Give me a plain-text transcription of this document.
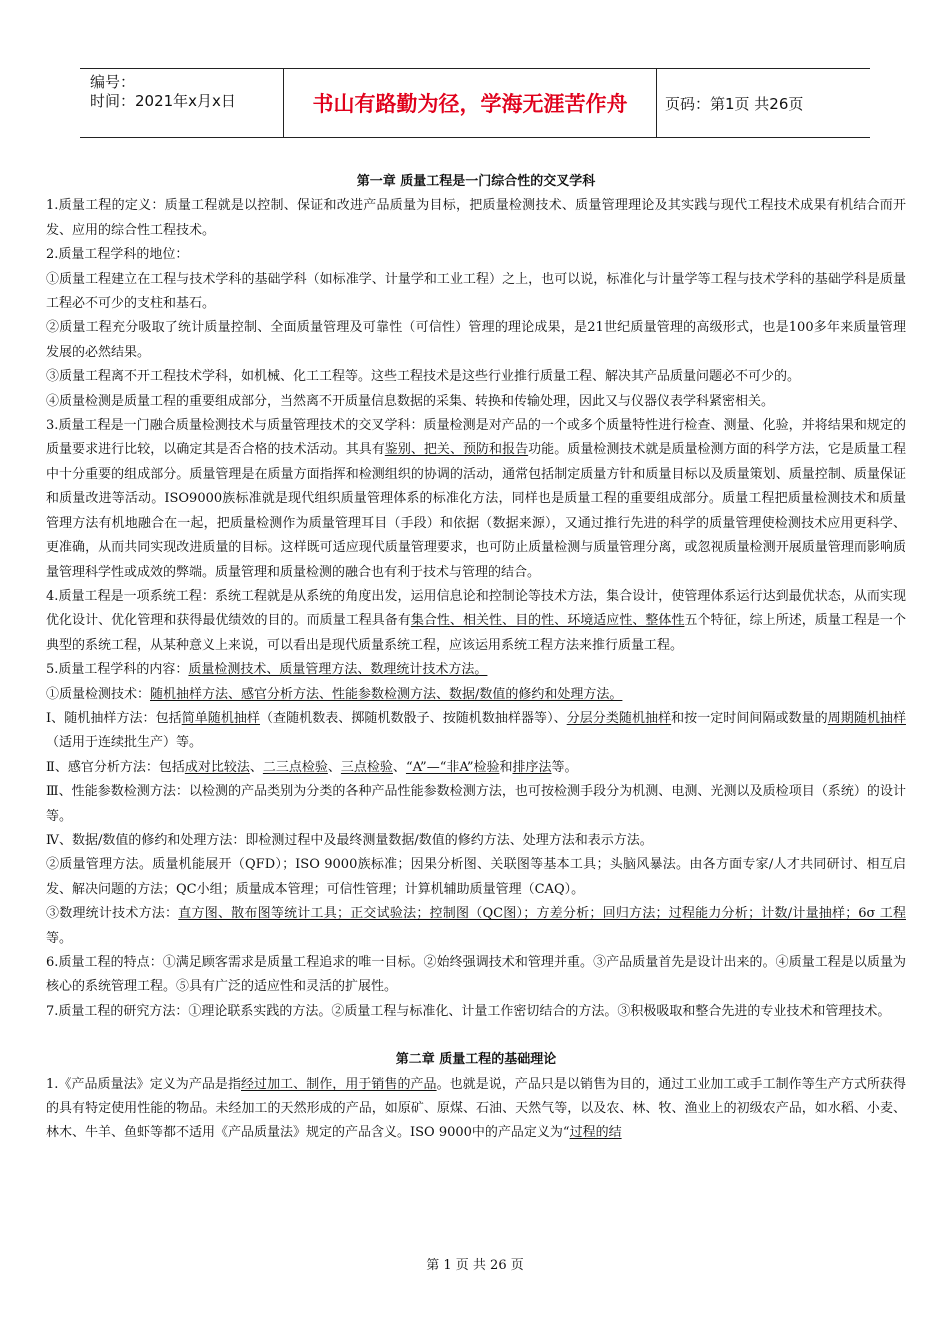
编号：
时间：2021年x月x日	书山有路勤为径，学海无涯苦作舟	页码：第1页 共26页

第一章 质量工程是一门综合性的交叉学科

1.质量工程的定义：质量工程就是以控制、保证和改进产品质量为目标，把质量检测技术、质量管理理论及其实践与现代工程技术成果有机结合而开发、应用的综合性工程技术。

2.质量工程学科的地位：

①质量工程建立在工程与技术学科的基础学科（如标准学、计量学和工业工程）之上，也可以说，标准化与计量学等工程与技术学科的基础学科是质量工程必不可少的支柱和基石。

②质量工程充分吸取了统计质量控制、全面质量管理及可靠性（可信性）管理的理论成果，是21世纪质量管理的高级形式，也是100多年来质量管理发展的必然结果。

③质量工程离不开工程技术学科，如机械、化工工程等。这些工程技术是这些行业推行质量工程、解决其产品质量问题必不可少的。

④质量检测是质量工程的重要组成部分，当然离不开质量信息数据的采集、转换和传输处理，因此又与仪器仪表学科紧密相关。

3.质量工程是一门融合质量检测技术与质量管理技术的交叉学科：质量检测是对产品的一个或多个质量特性进行检查、测量、化验，并将结果和规定的质量要求进行比较，以确定其是否合格的技术活动。其具有鉴别、把关、预防和报告功能。质量检测技术就是质量检测方面的科学方法，它是质量工程中十分重要的组成部分。质量管理是在质量方面指挥和检测组织的协调的活动，通常包括制定质量方针和质量目标以及质量策划、质量控制、质量保证和质量改进等活动。ISO9000族标准就是现代组织质量管理体系的标准化方法，同样也是质量工程的重要组成部分。质量工程把质量检测技术和质量管理方法有机地融合在一起，把质量检测作为质量管理耳目（手段）和依据（数据来源），又通过推行先进的科学的质量管理使检测技术应用更科学、更准确，从而共同实现改进质量的目标。这样既可适应现代质量管理要求，也可防止质量检测与质量管理分离，或忽视质量检测开展质量管理而影响质量管理科学性或成效的弊端。质量管理和质量检测的融合也有利于技术与管理的结合。

4.质量工程是一项系统工程：系统工程就是从系统的角度出发，运用信息论和控制论等技术方法，集合设计，使管理体系运行达到最优状态，从而实现优化设计、优化管理和获得最优绩效的目的。而质量工程具备有集合性、相关性、目的性、环境适应性、整体性五个特征，综上所述，质量工程是一个典型的系统工程，从某种意义上来说，可以看出是现代质量系统工程，应该运用系统工程方法来推行质量工程。

5.质量工程学科的内容：质量检测技术、质量管理方法、数理统计技术方法。

①质量检测技术：随机抽样方法、感官分析方法、性能参数检测方法、数据/数值的修约和处理方法。

Ⅰ、随机抽样方法：包括简单随机抽样（查随机数表、掷随机数骰子、按随机数抽样器等）、分层分类随机抽样和按一定时间间隔或数量的周期随机抽样（适用于连续批生产）等。

Ⅱ、感官分析方法：包括成对比较法、二三点检验、三点检验、“A”—“非A”检验和排序法等。

Ⅲ、性能参数检测方法：以检测的产品类别为分类的各种产品性能参数检测方法，也可按检测手段分为机测、电测、光测以及质检项目（系统）的设计等。

Ⅳ、数据/数值的修约和处理方法：即检测过程中及最终测量数据/数值的修约方法、处理方法和表示方法。

②质量管理方法。质量机能展开（QFD）；ISO 9000族标准；因果分析图、关联图等基本工具；头脑风暴法。由各方面专家/人才共同研讨、相互启发、解决问题的方法；QC小组；质量成本管理；可信性管理；计算机辅助质量管理（CAQ）。

③数理统计技术方法：直方图、散布图等统计工具；正交试验法；控制图（QC图）；方差分析；回归方法；过程能力分析；计数/计量抽样；6σ 工程等。

6.质量工程的特点：①满足顾客需求是质量工程追求的唯一目标。②始终强调技术和管理并重。③产品质量首先是设计出来的。④质量工程是以质量为核心的系统管理工程。⑤具有广泛的适应性和灵活的扩展性。

7.质量工程的研究方法：①理论联系实践的方法。②质量工程与标准化、计量工作密切结合的方法。③积极吸取和整合先进的专业技术和管理技术。

第二章 质量工程的基础理论

1.《产品质量法》定义为产品是指经过加工、制作，用于销售的产品。也就是说，产品只是以销售为目的，通过工业加工或手工制作等生产方式所获得的具有特定使用性能的物品。未经加工的天然形成的产品，如原矿、原煤、石油、天然气等，以及农、林、牧、渔业上的初级农产品，如水稻、小麦、林木、牛羊、鱼虾等都不适用《产品质量法》规定的产品含义。ISO 9000中的产品定义为“过程的结

第 1 页 共 26 页
